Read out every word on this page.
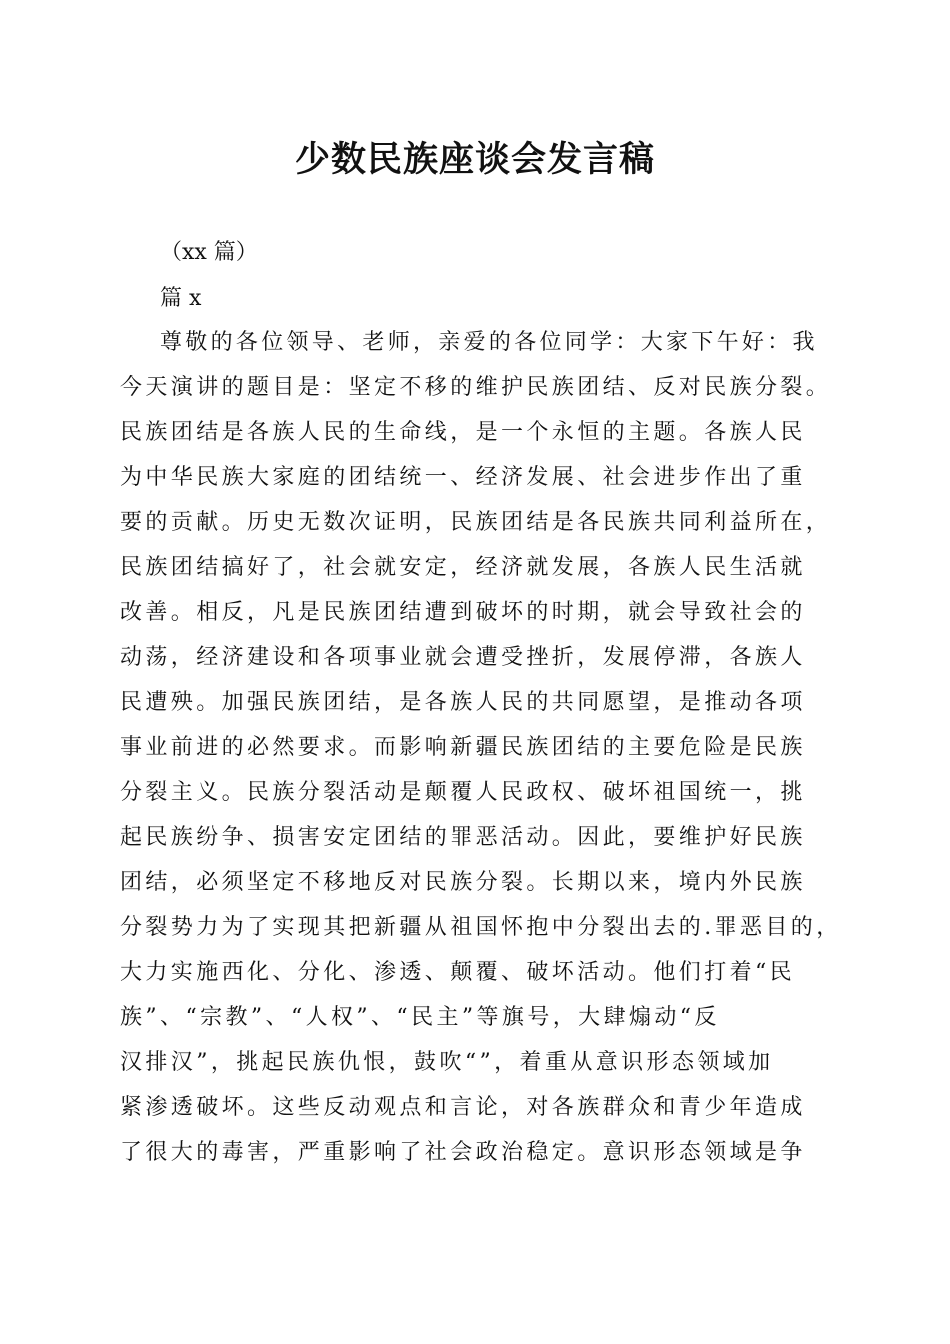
少数民族座谈会发言稿

（xx 篇）

篇 x

尊敬的各位领导、老师，亲爱的各位同学：大家下午好：我
今天演讲的题目是：坚定不移的维护民族团结、反对民族分裂。
民族团结是各族人民的生命线，是一个永恒的主题。各族人民
为中华民族大家庭的团结统一、经济发展、社会进步作出了重
要的贡献。历史无数次证明，民族团结是各民族共同利益所在，
民族团结搞好了，社会就安定，经济就发展，各族人民生活就
改善。相反，凡是民族团结遭到破坏的时期，就会导致社会的
动荡，经济建设和各项事业就会遭受挫折，发展停滞，各族人
民遭殃。加强民族团结，是各族人民的共同愿望，是推动各项
事业前进的必然要求。而影响新疆民族团结的主要危险是民族
分裂主义。民族分裂活动是颠覆人民政权、破坏祖国统一，挑
起民族纷争、损害安定团结的罪恶活动。因此，要维护好民族
团结，必须坚定不移地反对民族分裂。长期以来，境内外民族
分裂势力为了实现其把新疆从祖国怀抱中分裂出去的.罪恶目的，
大力实施西化、分化、渗透、颠覆、破坏活动。他们打着“民
族”、“宗教”、“人权”、“民主”等旗号，大肆煽动“反
汉排汉”，挑起民族仇恨，鼓吹“”，着重从意识形态领域加
紧渗透破坏。这些反动观点和言论，对各族群众和青少年造成
了很大的毒害，严重影响了社会政治稳定。意识形态领域是争
